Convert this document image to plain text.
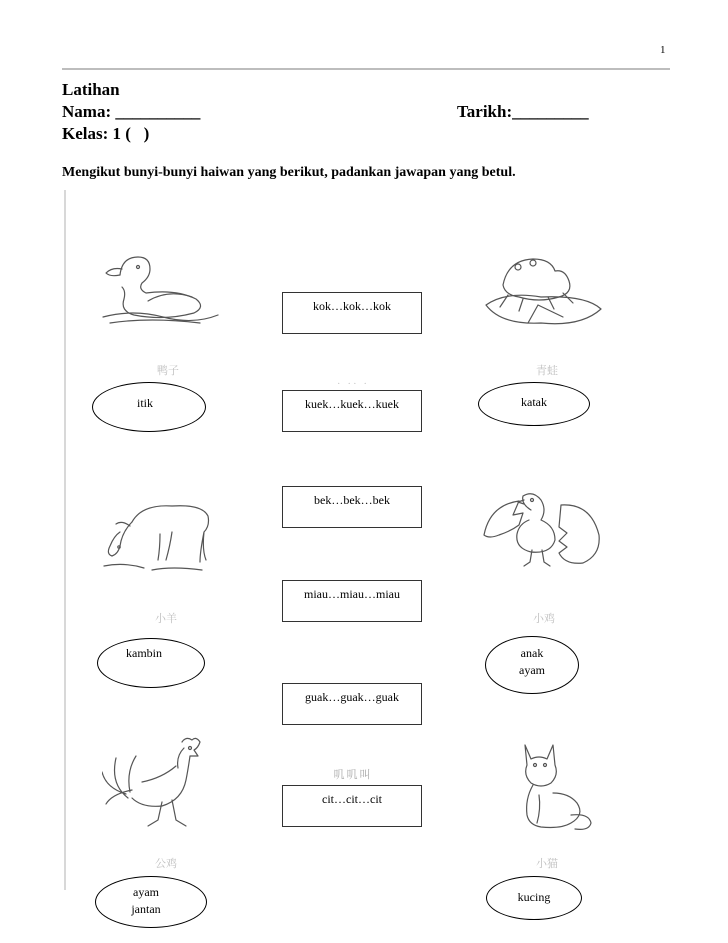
1
Latihan
Nama: __________	Tarikh:_________
Kelas: 1 (   )
Mengikut bunyi-bunyi haiwan yang berikut, padankan jawapan yang betul.
鸭子	青蛙
小羊	小鸡
公鸡	小猫
kok…kok…kok
· ·· ·
kuek…kuek…kuek
bek…bek…bek
miau…miau…miau
guak…guak…guak
叽叽叫
cit…cit…cit
itik	katak
kambin	anak
ayam
ayam
jantan
kucing
